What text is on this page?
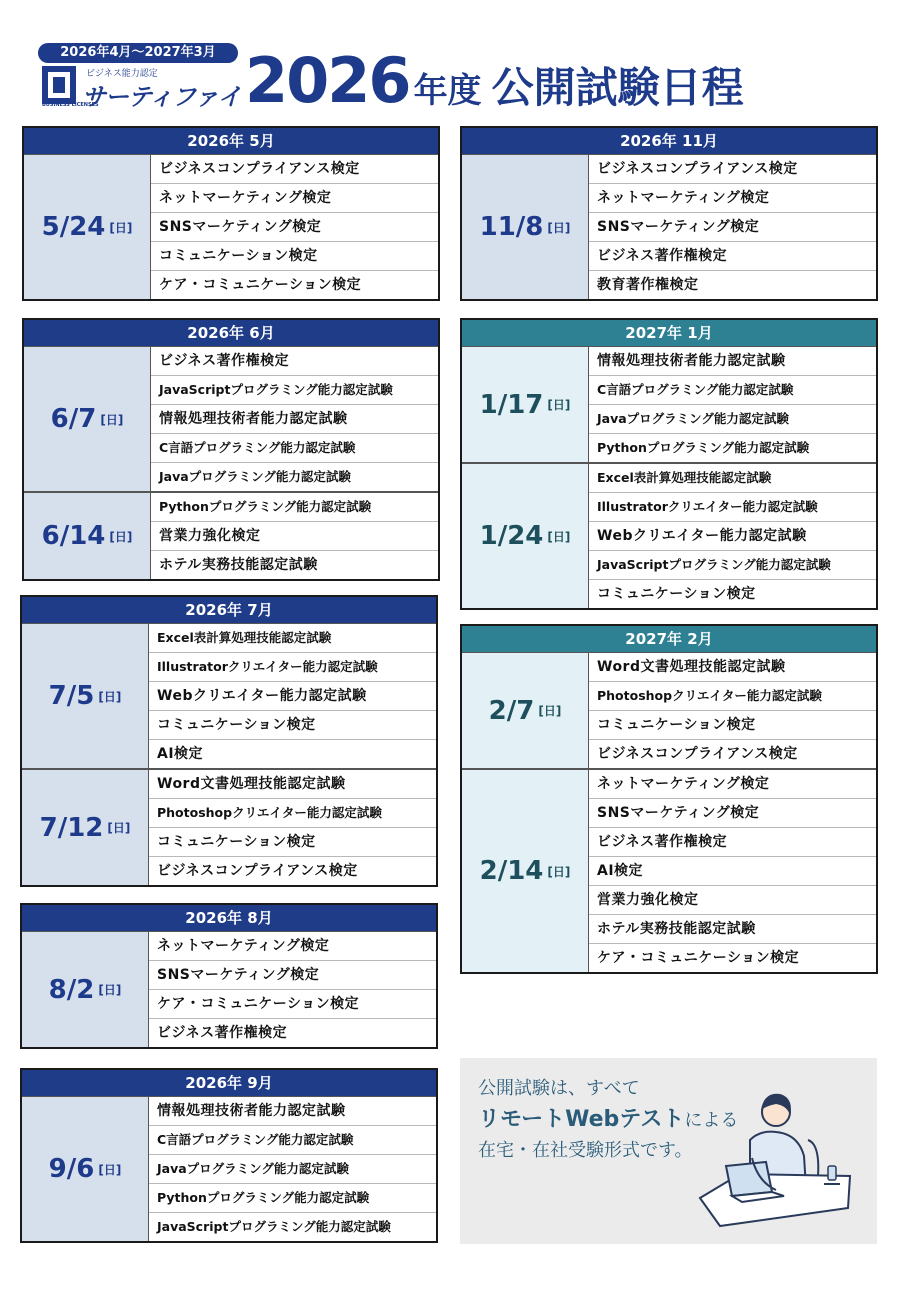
2026年4月～2027年3月
ビジネス能力認定
サーティファイ
BUSINESS LICENSES 2026 年度 公開試験日程
2026年 5月
5/24 [日]
ビジネスコンプライアンス検定
ネットマーケティング検定
SNSマーケティング検定
コミュニケーション検定
ケア・コミュニケーション検定
2026年 6月
6/7 [日]
ビジネス著作権検定
JavaScriptプログラミング能力認定試験
情報処理技術者能力認定試験
C言語プログラミング能力認定試験
Javaプログラミング能力認定試験
6/14 [日]
Pythonプログラミング能力認定試験
営業力強化検定
ホテル実務技能認定試験
2026年 7月
7/5 [日]
Excel表計算処理技能認定試験
Illustratorクリエイター能力認定試験
Webクリエイター能力認定試験
コミュニケーション検定
AI検定
7/12 [日]
Word文書処理技能認定試験
Photoshopクリエイター能力認定試験
コミュニケーション検定
ビジネスコンプライアンス検定
2026年 8月
8/2 [日]
ネットマーケティング検定
SNSマーケティング検定
ケア・コミュニケーション検定
ビジネス著作権検定
2026年 9月
9/6 [日]
情報処理技術者能力認定試験
C言語プログラミング能力認定試験
Javaプログラミング能力認定試験
Pythonプログラミング能力認定試験
JavaScriptプログラミング能力認定試験
2026年 11月
11/8 [日]
ビジネスコンプライアンス検定
ネットマーケティング検定
SNSマーケティング検定
ビジネス著作権検定
教育著作権検定
2027年 1月
1/17 [日]
情報処理技術者能力認定試験
C言語プログラミング能力認定試験
Javaプログラミング能力認定試験
Pythonプログラミング能力認定試験
1/24 [日]
Excel表計算処理技能認定試験
Illustratorクリエイター能力認定試験
Webクリエイター能力認定試験
JavaScriptプログラミング能力認定試験
コミュニケーション検定
2027年 2月
2/7 [日]
Word文書処理技能認定試験
Photoshopクリエイター能力認定試験
コミュニケーション検定
ビジネスコンプライアンス検定
2/14 [日]
ネットマーケティング検定
SNSマーケティング検定
ビジネス著作権検定
AI検定
営業力強化検定
ホテル実務技能認定試験
ケア・コミュニケーション検定
公開試験は、すべて
リモートWebテストによる
在宅・在社受験形式です。
